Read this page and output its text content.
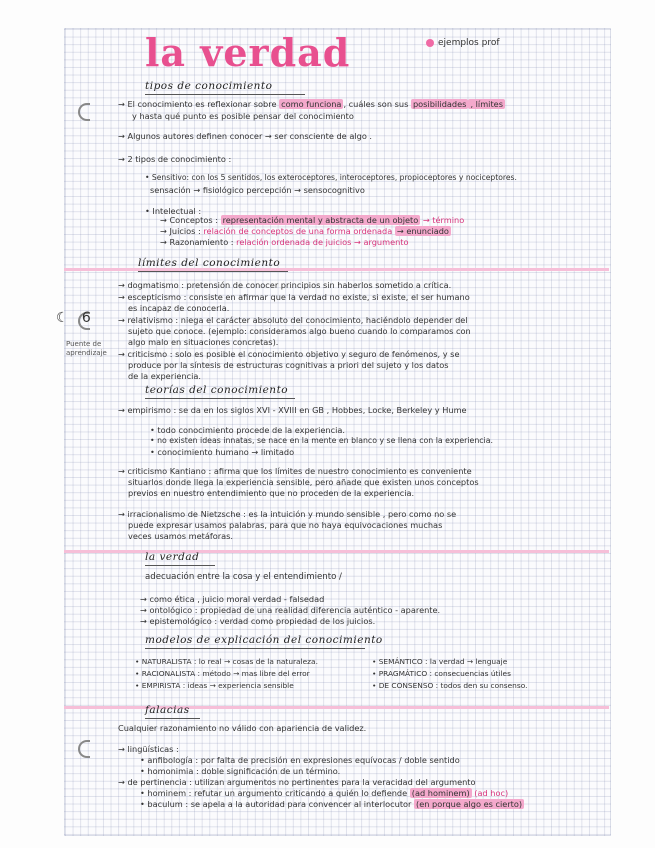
la verdad	ejemplos prof
tipos de conocimiento
→ El conocimiento es reflexionar sobre como funciona , cuáles son sus posibilidades , límites
y hasta qué punto es posible pensar del conocimiento
→ Algunos autores definen conocer → ser consciente de algo .
→ 2 tipos de conocimiento :
• Sensitivo: con los 5 sentidos, los exteroceptores, interoceptores, propioceptores y nociceptores.
sensación → fisiológico percepción → sensocognitivo
• Intelectual :
→ Conceptos : representación mental y abstracta de un objeto → término
→ Juicios : relación de conceptos de una forma ordenada → enunciado
→ Razonamiento : relación ordenada de juicios → argumento
límites del conocimiento
→ dogmatismo : pretensión de conocer principios sin haberlos sometido a crítica.
→ escepticismo : consiste en afirmar que la verdad no existe, si existe, el ser humano
es incapaz de conocerla.
→ relativismo : niega el carácter absoluto del conocimiento, haciéndolo depender del
sujeto que conoce. (ejemplo: consideramos algo bueno cuando lo comparamos con
algo malo en situaciones concretas).
→ criticismo : solo es posible el conocimiento objetivo y seguro de fenómenos, y se
produce por la síntesis de estructuras cognitivas a priori del sujeto y los datos
de la experiencia.
☾   6
Puente de
aprendizaje
teorías del conocimiento
→ empirismo : se da en los siglos XVI - XVIII en GB , Hobbes, Locke, Berkeley y Hume
• todo conocimiento procede de la experiencia.
• no existen ideas innatas, se nace en la mente en blanco y se llena con la experiencia.
• conocimiento humano → limitado
→ criticismo Kantiano : afirma que los límites de nuestro conocimiento es conveniente
situarlos donde llega la experiencia sensible, pero añade que existen unos conceptos
previos en nuestro entendimiento que no proceden de la experiencia.
→ irracionalismo de Nietzsche : es la intuición y mundo sensible , pero como no se
puede expresar usamos palabras, para que no haya equivocaciones muchas
veces usamos metáforas.
la verdad
adecuación entre la cosa y el entendimiento /
→ como ética , juicio moral verdad - falsedad
→ ontológico : propiedad de una realidad diferencia auténtico - aparente.
→ epistemológico : verdad como propiedad de los juicios.
modelos de explicación del conocimiento
• NATURALISTA : lo real → cosas de la naturaleza.
• RACIONALISTA : método → mas libre del error
• EMPIRISTA : ideas → experiencia sensible
• SEMÁNTICO : la verdad → lenguaje
• PRAGMÁTICO : consecuencias útiles
• DE CONSENSO : todos den su consenso.
falacias
Cualquier razonamiento no válido con apariencia de validez.
→ lingüísticas :
• anfibología : por falta de precisión en expresiones equívocas / doble sentido
• homonimia : doble significación de un término.
→ de pertinencia : utilizan argumentos no pertinentes para la veracidad del argumento
• hominem : refutar un argumento criticando a quién lo defiende (ad hominem) (ad hoc)
• baculum : se apela a la autoridad para convencer al interlocutor (en porque algo es cierto)
